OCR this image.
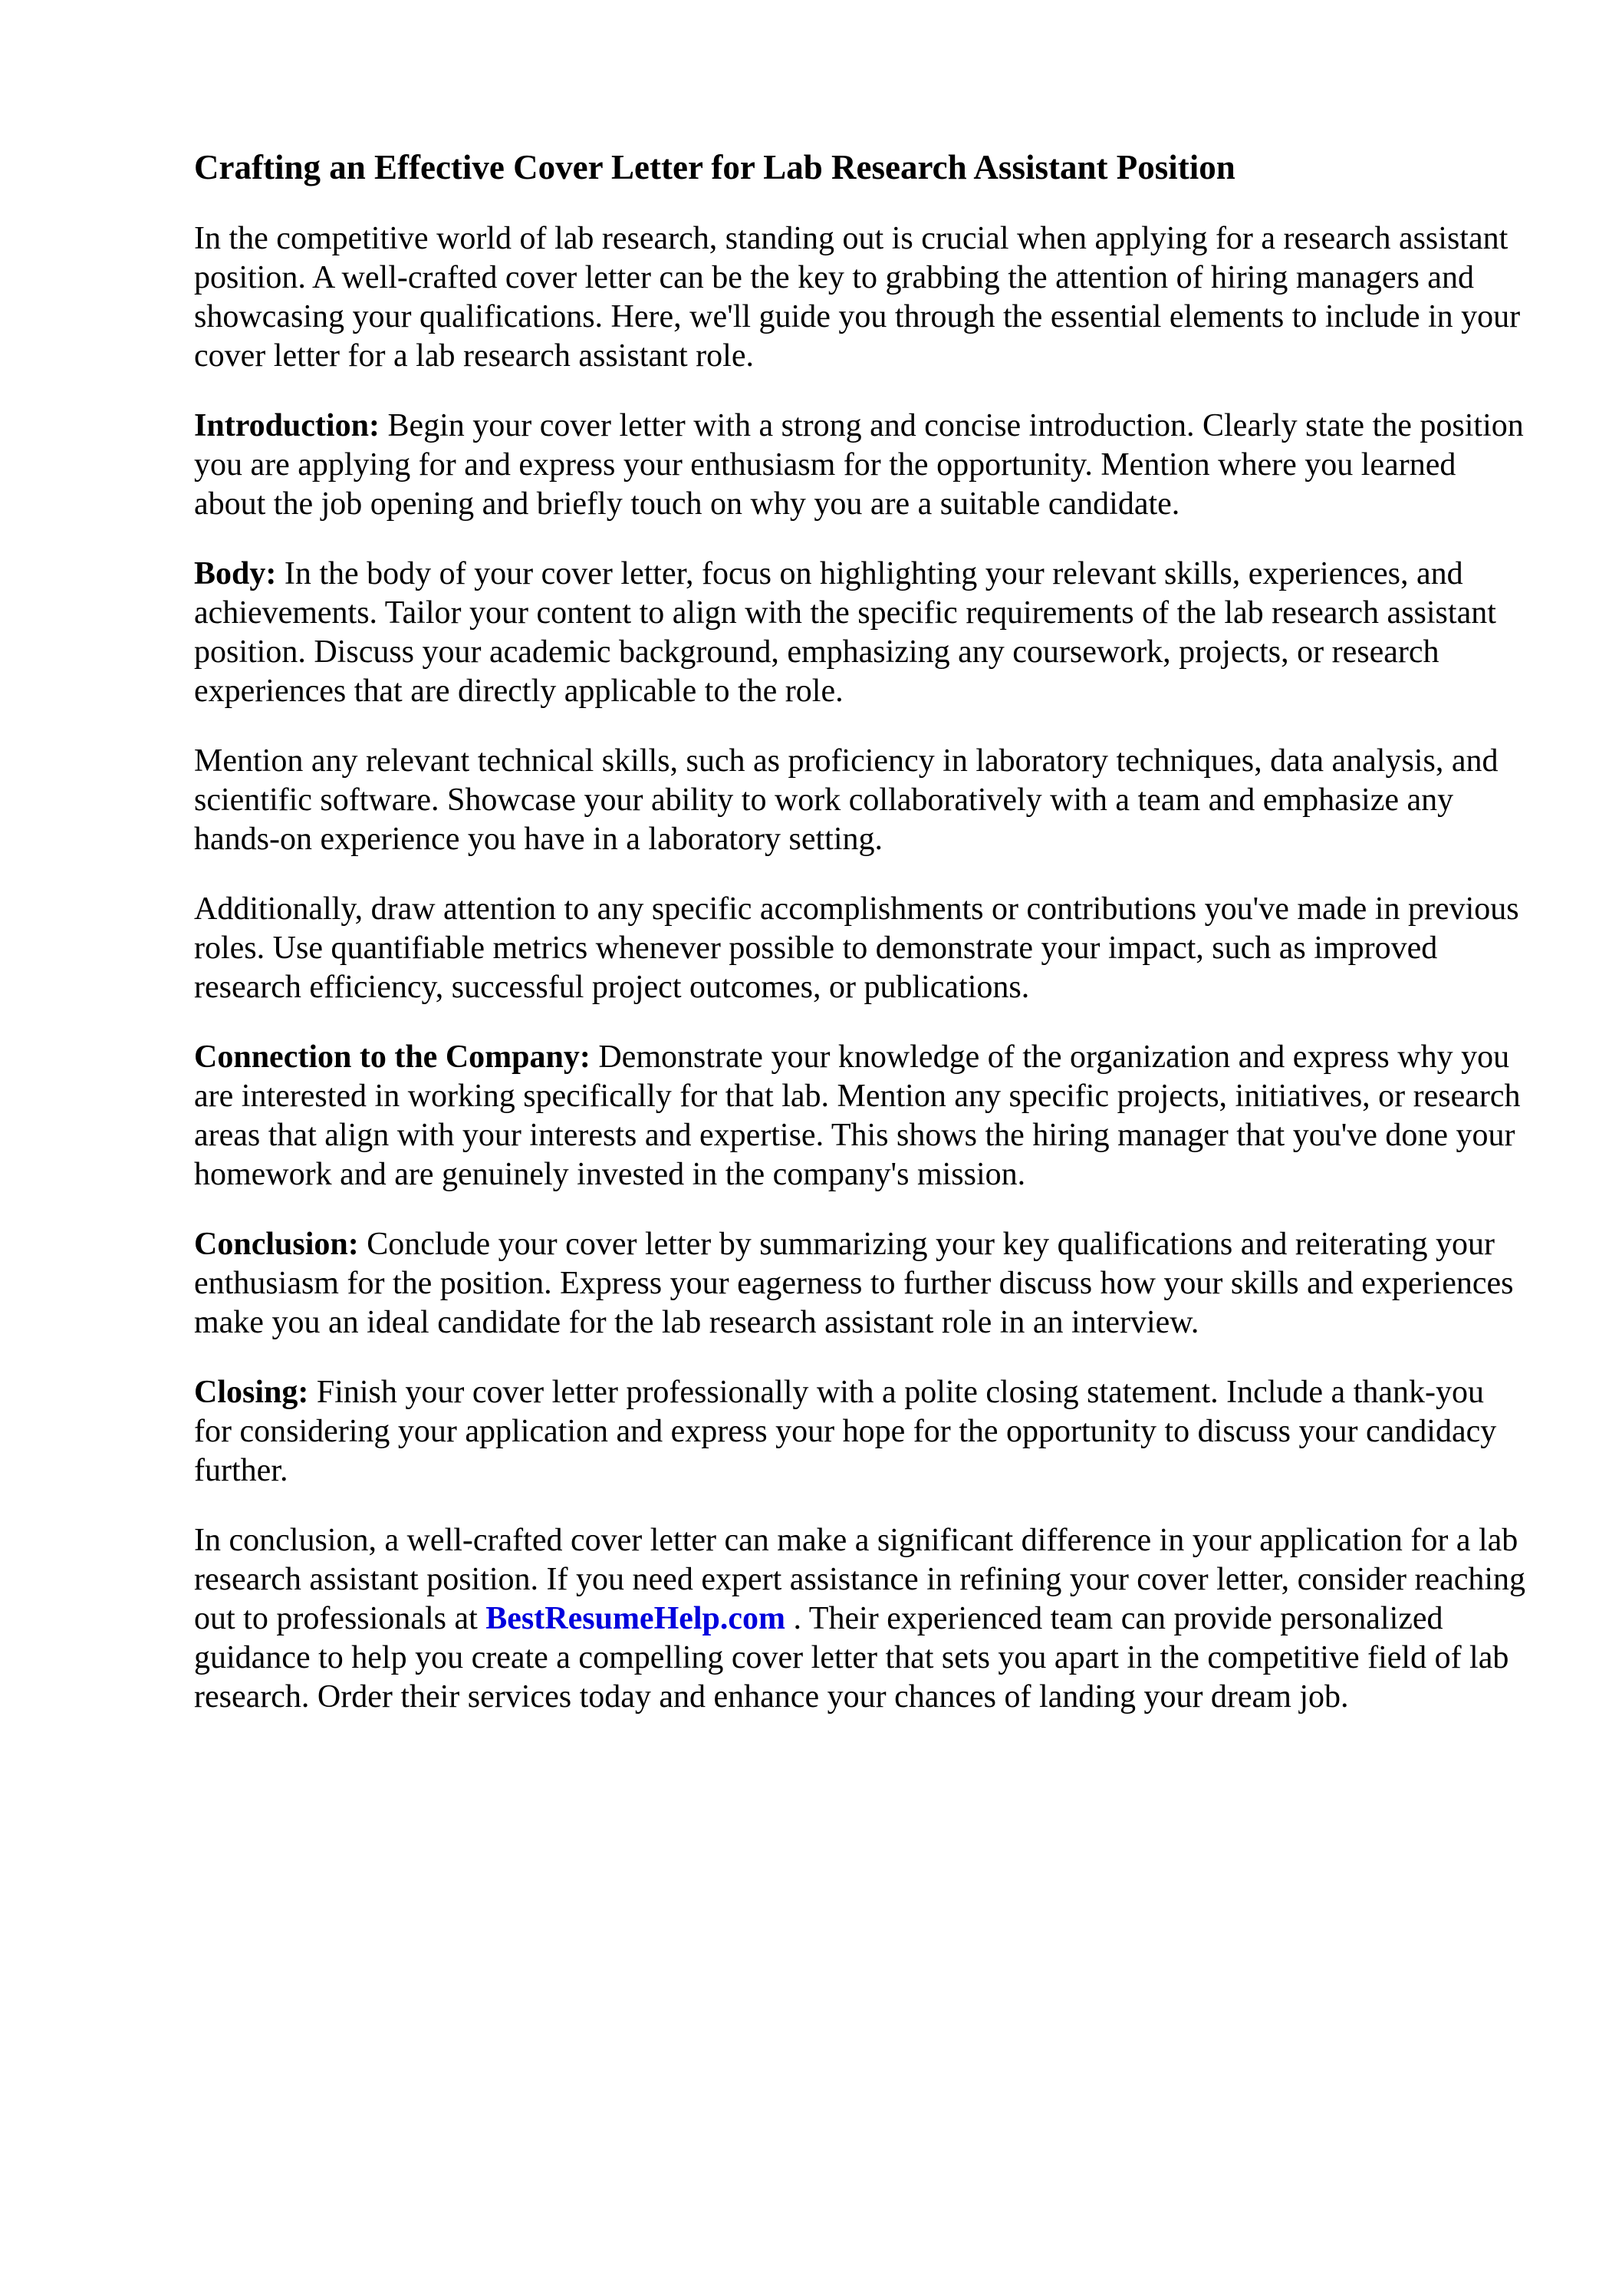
Crafting an Effective Cover Letter for Lab Research Assistant Position

In the competitive world of lab research, standing out is crucial when applying for a research assistant position. A well-crafted cover letter can be the key to grabbing the attention of hiring managers and showcasing your qualifications. Here, we'll guide you through the essential elements to include in your cover letter for a lab research assistant role.

Introduction: Begin your cover letter with a strong and concise introduction. Clearly state the position you are applying for and express your enthusiasm for the opportunity. Mention where you learned about the job opening and briefly touch on why you are a suitable candidate.

Body: In the body of your cover letter, focus on highlighting your relevant skills, experiences, and achievements. Tailor your content to align with the specific requirements of the lab research assistant position. Discuss your academic background, emphasizing any coursework, projects, or research experiences that are directly applicable to the role.

Mention any relevant technical skills, such as proficiency in laboratory techniques, data analysis, and scientific software. Showcase your ability to work collaboratively with a team and emphasize any hands-on experience you have in a laboratory setting.

Additionally, draw attention to any specific accomplishments or contributions you've made in previous roles. Use quantifiable metrics whenever possible to demonstrate your impact, such as improved research efficiency, successful project outcomes, or publications.

Connection to the Company: Demonstrate your knowledge of the organization and express why you are interested in working specifically for that lab. Mention any specific projects, initiatives, or research areas that align with your interests and expertise. This shows the hiring manager that you've done your homework and are genuinely invested in the company's mission.

Conclusion: Conclude your cover letter by summarizing your key qualifications and reiterating your enthusiasm for the position. Express your eagerness to further discuss how your skills and experiences make you an ideal candidate for the lab research assistant role in an interview.

Closing: Finish your cover letter professionally with a polite closing statement. Include a thank-you for considering your application and express your hope for the opportunity to discuss your candidacy further.

In conclusion, a well-crafted cover letter can make a significant difference in your application for a lab research assistant position. If you need expert assistance in refining your cover letter, consider reaching out to professionals at BestResumeHelp.com . Their experienced team can provide personalized guidance to help you create a compelling cover letter that sets you apart in the competitive field of lab research. Order their services today and enhance your chances of landing your dream job.
